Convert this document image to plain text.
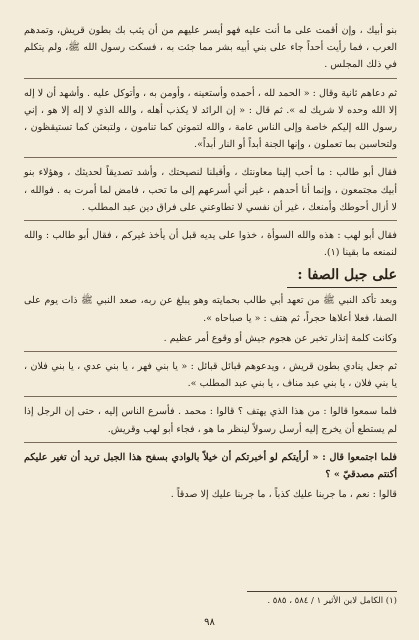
بنو أبيك ، وإن أقمت على ما أنت عليه فهو أيسر عليهم من أن يثب بك بطون قريش، وتمدهم العرب ، فما رأيت أحداً جاء على بني أبيه بشر مما جئت به ، فسكت رسول الله ﷺ، ولم يتكلم في ذلك المجلس .

ثم دعاهم ثانية وقال : « الحمد لله ، أحمده وأستعينه ، وأومن به ، وأتوكل عليه . وأشهد أن لا إله إلا الله وحده لا شريك له ». ثم قال : « إن الرائد لا يكذب أهله ، والله الذي لا إله إلا هو ، إني رسول الله إليكم خاصة وإلى الناس عامة ، والله لتموتن كما تنامون ، ولتبعثن كما تستيقظون ، ولتحاسبن بما تعملون ، وإنها الجنة أبداً أو النار أبداً».

فقال أبو طالب : ما أحب إلينا معاونتك ، وأقبلنا لنصيحتك ، وأشد تصديقاً لحديثك ، وهؤلاء بنو أبيك مجتمعون ، وإنما أنا أحدهم ، غير أني أسرعهم إلى ما تحب ، فامض لما أمرت به . فوالله ، لا أزال أحوطك وأمنعك ، غير أن نفسي لا تطاوعني على فراق دين عبد المطلب .

فقال أبو لهب : هذه والله السوأة ، خذوا على يديه قبل أن يأخذ غيركم ، فقال أبو طالب : والله لنمنعه ما بقينا (١).

على جبل الصفا :

وبعد تأكد النبي ﷺ من تعهد أبي طالب بحمايته وهو يبلغ عن ربه، صعد النبي ﷺ ذات يوم على الصفا، فعلا أعلاها حجراً، ثم هتف : « يا صباحاه ».

وكانت كلمة إنذار تخبر عن هجوم جيش أو وقوع أمر عظيم .

ثم جعل ينادي بطون قريش ، ويدعوهم قبائل قبائل : « يا بني فهر ، يا بني عدي ، يا بني فلان ، يا بني فلان ، يا بني عبد مناف ، يا بني عبد المطلب ».

فلما سمعوا قالوا : من هذا الذي يهتف ؟ قالوا : محمد . فأسرع الناس إليه ، حتى إن الرجل إذا لم يستطع أن يخرج إليه أرسل رسولاً لينظر ما هو ، فجاء أبو لهب وقريش.

فلما اجتمعوا قال : « أرأيتكم لو أخبرتكم أن خيلاً بالوادي بسفح هذا الجبل تريد أن تغير عليكم أكنتم مصدقيّ » ؟

قالوا : نعم ، ما جربنا عليك كذباً ، ما جربنا عليك إلا صدقاً .

(١) الكامل لابن الأثير ١ / ٥٨٤ ، ٥٨٥ .
٩٨
